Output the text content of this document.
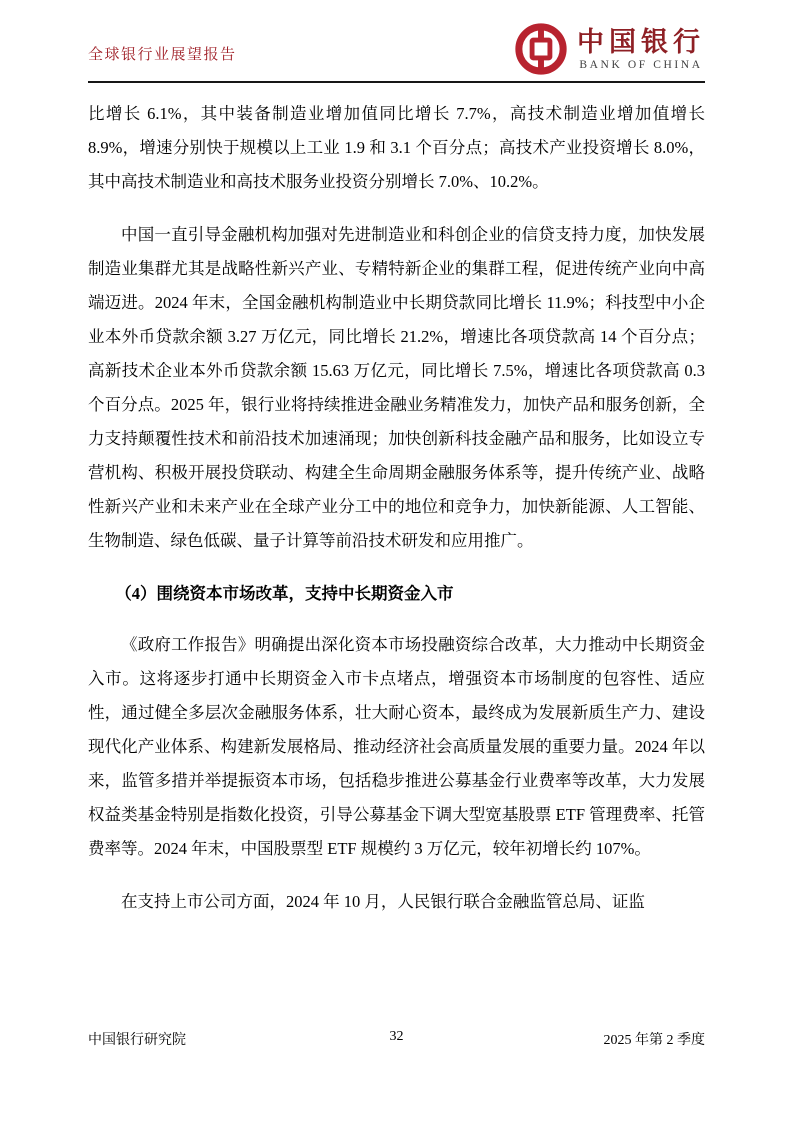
全球银行业展望报告	中国银行
BANK OF CHINA

比增长 6.1%，其中装备制造业增加值同比增长 7.7%，高技术制造业增加值增长 8.9%，增速分别快于规模以上工业 1.9 和 3.1 个百分点；高技术产业投资增长 8.0%，其中高技术制造业和高技术服务业投资分别增长 7.0%、10.2%。

中国一直引导金融机构加强对先进制造业和科创企业的信贷支持力度，加快发展制造业集群尤其是战略性新兴产业、专精特新企业的集群工程，促进传统产业向中高端迈进。2024 年末，全国金融机构制造业中长期贷款同比增长 11.9%；科技型中小企业本外币贷款余额 3.27 万亿元，同比增长 21.2%，增速比各项贷款高 14 个百分点；高新技术企业本外币贷款余额 15.63 万亿元，同比增长 7.5%，增速比各项贷款高 0.3 个百分点。2025 年，银行业将持续推进金融业务精准发力，加快产品和服务创新，全力支持颠覆性技术和前沿技术加速涌现；加快创新科技金融产品和服务，比如设立专营机构、积极开展投贷联动、构建全生命周期金融服务体系等，提升传统产业、战略性新兴产业和未来产业在全球产业分工中的地位和竞争力，加快新能源、人工智能、生物制造、绿色低碳、量子计算等前沿技术研发和应用推广。

（4）围绕资本市场改革，支持中长期资金入市

《政府工作报告》明确提出深化资本市场投融资综合改革，大力推动中长期资金入市。这将逐步打通中长期资金入市卡点堵点，增强资本市场制度的包容性、适应性，通过健全多层次金融服务体系，壮大耐心资本，最终成为发展新质生产力、建设现代化产业体系、构建新发展格局、推动经济社会高质量发展的重要力量。2024 年以来，监管多措并举提振资本市场，包括稳步推进公募基金行业费率等改革，大力发展权益类基金特别是指数化投资，引导公募基金下调大型宽基股票 ETF 管理费率、托管费率等。2024 年末，中国股票型 ETF 规模约 3 万亿元，较年初增长约 107%。

在支持上市公司方面，2024 年 10 月，人民银行联合金融监管总局、证监

中国银行研究院	32	2025 年第 2 季度
